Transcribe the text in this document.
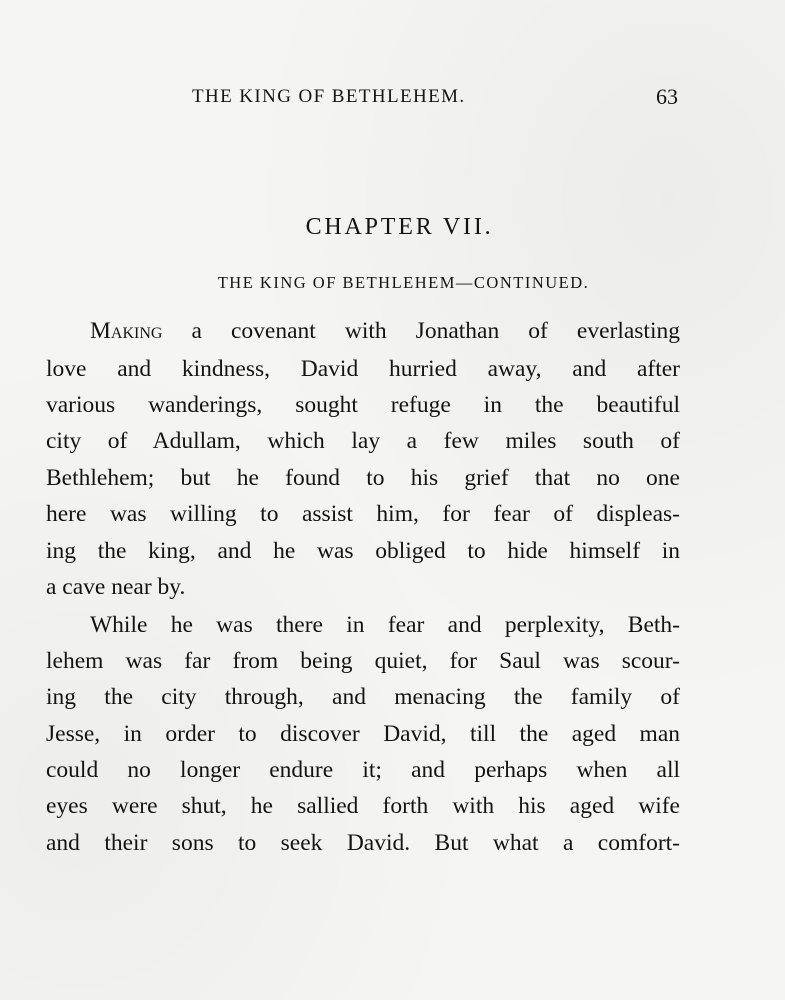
THE KING OF BETHLEHEM.	63
CHAPTER VII.
THE KING OF BETHLEHEM—CONTINUED.
Making a covenant with Jonathan of everlasting
love and kindness, David hurried away, and after
various wanderings, sought refuge in the beautiful
city of Adullam, which lay a few miles south of
Bethlehem; but he found to his grief that no one
here was willing to assist him, for fear of displeas-
ing the king, and he was obliged to hide himself in
a cave near by.
While he was there in fear and perplexity, Beth-
lehem was far from being quiet, for Saul was scour-
ing the city through, and menacing the family of
Jesse, in order to discover David, till the aged man
could no longer endure it; and perhaps when all
eyes were shut, he sallied forth with his aged wife
and their sons to seek David. But what a comfort-
